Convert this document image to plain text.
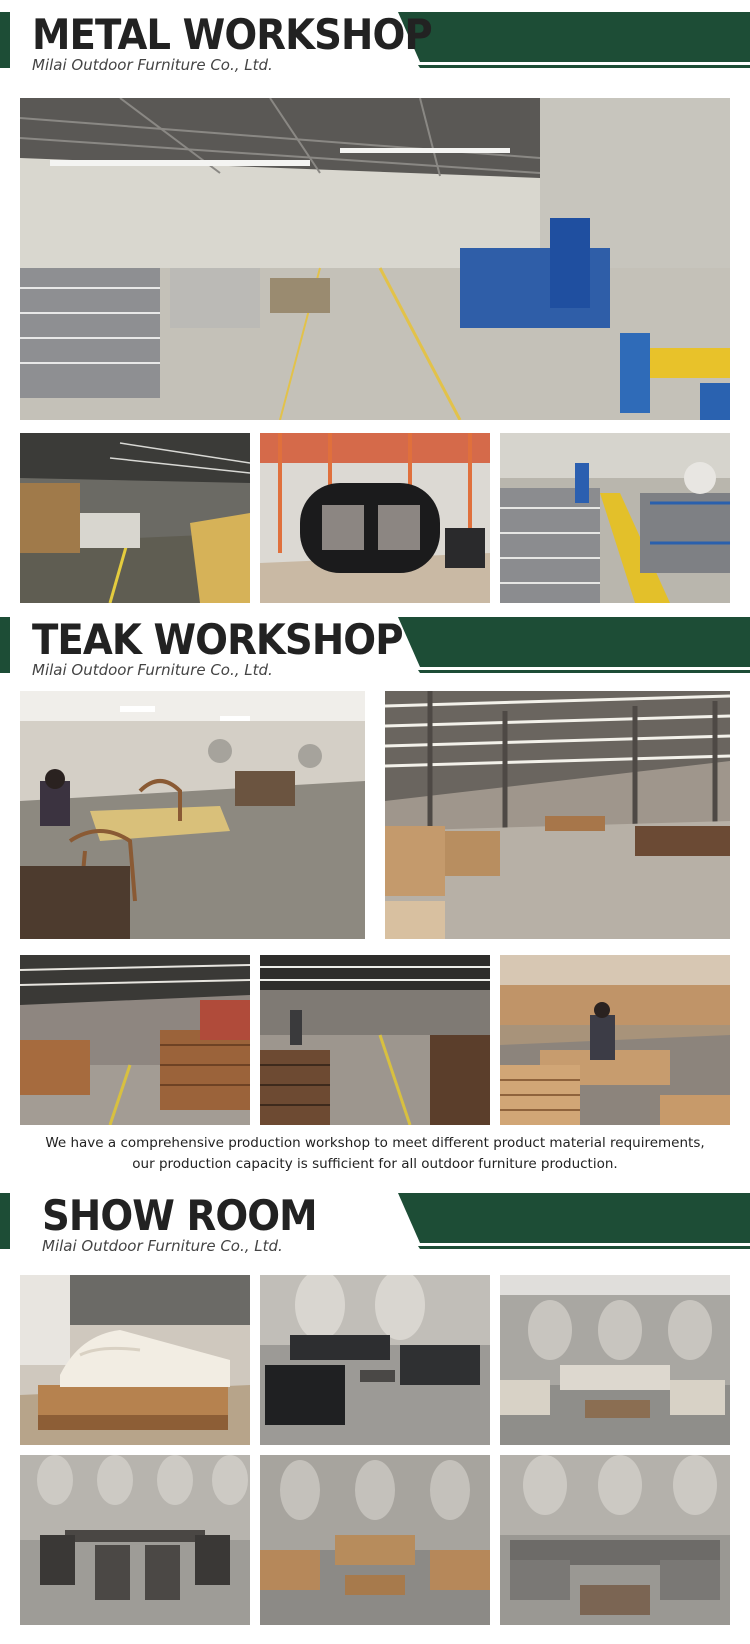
METAL WORKSHOP
Milai Outdoor Furniture Co., Ltd.
TEAK WORKSHOP
Milai Outdoor Furniture Co., Ltd.
We have a comprehensive production workshop to meet different product material requirements,
our production capacity is sufficient for all outdoor furniture production.
SHOW ROOM
Milai Outdoor Furniture Co., Ltd.
